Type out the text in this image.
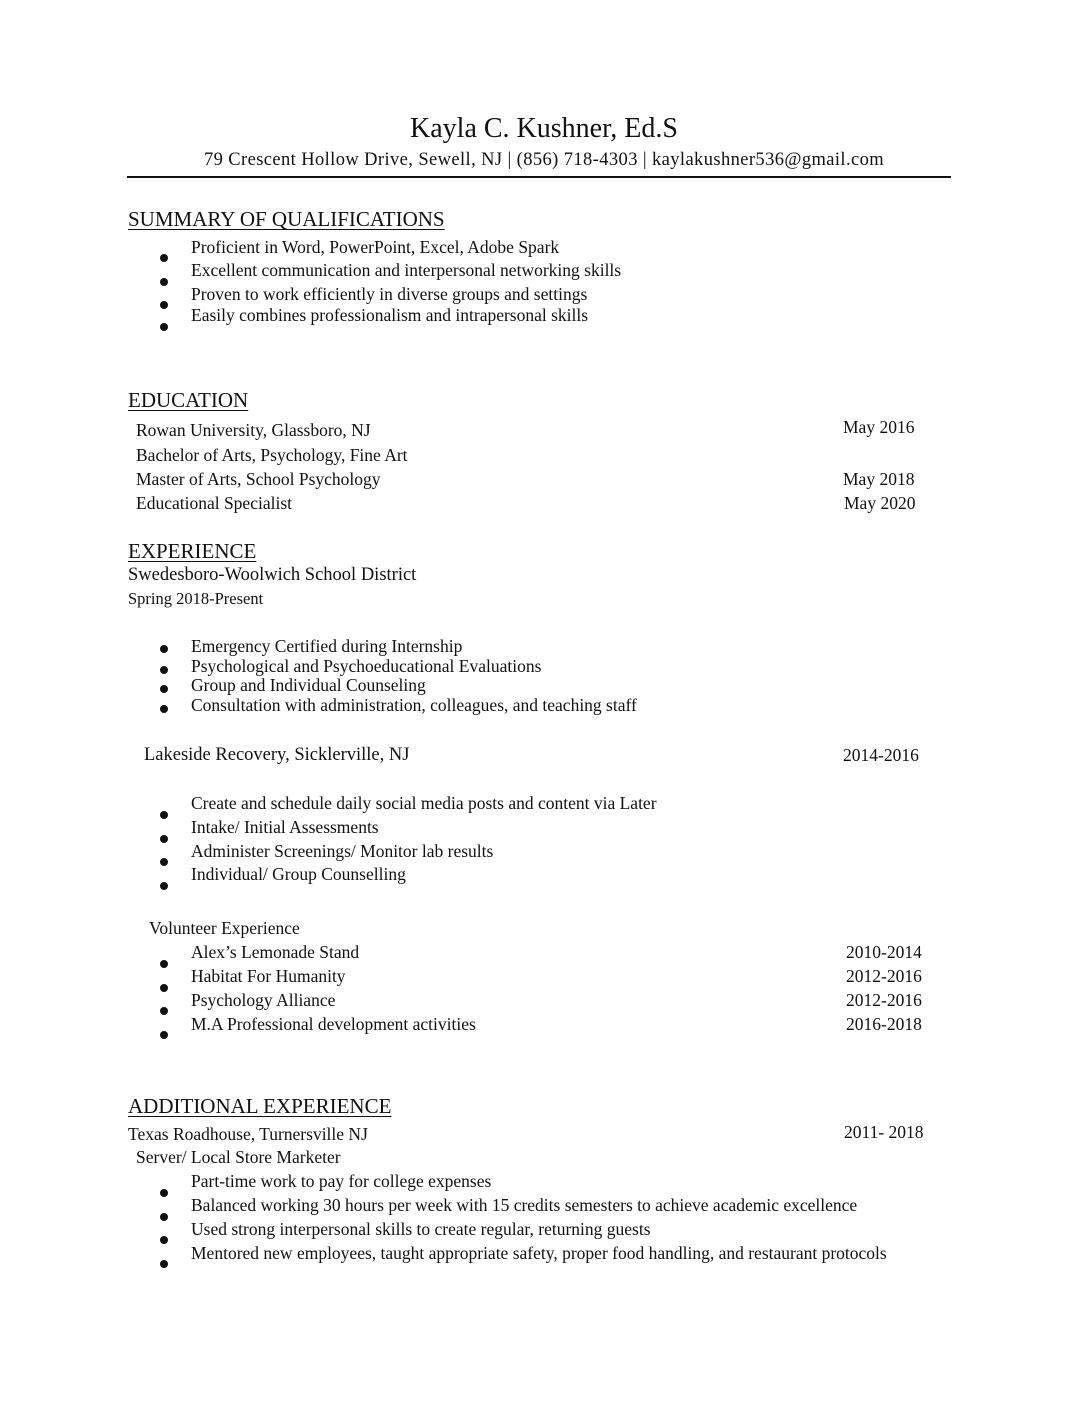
Kayla C. Kushner, Ed.S
79 Crescent Hollow Drive, Sewell, NJ | (856) 718-4303 | kaylakushner536@gmail.com
SUMMARY OF QUALIFICATIONS
Proficient in Word, PowerPoint, Excel, Adobe Spark
Excellent communication and interpersonal networking skills
Proven to work efficiently in diverse groups and settings
Easily combines professionalism and intrapersonal skills
EDUCATION
Rowan University, Glassboro, NJ	May 2016
Bachelor of Arts, Psychology, Fine Art
Master of Arts, School Psychology	May 2018
Educational Specialist	May 2020
EXPERIENCE
Swedesboro-Woolwich School District
Spring 2018-Present
Emergency Certified during Internship
Psychological and Psychoeducational Evaluations
Group and Individual Counseling
Consultation with administration, colleagues, and teaching staff
Lakeside Recovery, Sicklerville, NJ	2014-2016
Create and schedule daily social media posts and content via Later
Intake/ Initial Assessments
Administer Screenings/ Monitor lab results
Individual/ Group Counselling
Volunteer Experience
Alex’s Lemonade Stand	2010-2014
Habitat For Humanity	2012-2016
Psychology Alliance	2012-2016
M.A Professional development activities	2016-2018
ADDITIONAL EXPERIENCE
Texas Roadhouse, Turnersville NJ	2011- 2018
Server/ Local Store Marketer
Part-time work to pay for college expenses
Balanced working 30 hours per week with 15 credits semesters to achieve academic excellence
Used strong interpersonal skills to create regular, returning guests
Mentored new employees, taught appropriate safety, proper food handling, and restaurant protocols
